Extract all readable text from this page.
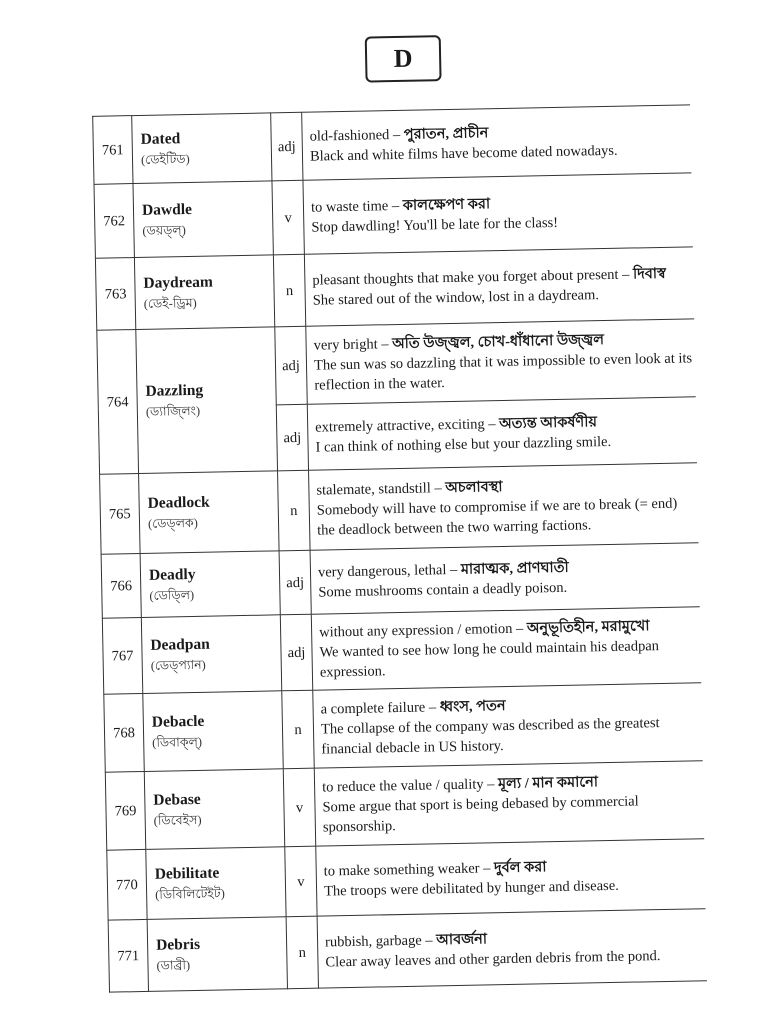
D
761	Dated
(ডেইটিড)	adj	old-fashioned – পুরাতন, প্রাচীন
Black and white films have become dated nowadays.

762	Dawdle
(ডয়ড্ল্)	v	to waste time – কালক্ষেপণ করা
Stop dawdling! You'll be late for the class!

763	Daydream
(ডেই-ড্রিম)	n	pleasant thoughts that make you forget about present – দিবাস্ব
She stared out of the window, lost in a daydream.

764	Dazzling
(ড্যাজ্লিং)	adj	very bright – অতি উজ্জ্বল, চোখ-ধাঁধানো উজ্জ্বল
The sun was so dazzling that it was impossible to even look at its reflection in the water.

		adj	extremely attractive, exciting – অত্যন্ত আকর্ষণীয়
I can think of nothing else but your dazzling smile.

765	Deadlock
(ডেড্লক)	n	stalemate, standstill – অচলাবস্থা
Somebody will have to compromise if we are to break (= end) the deadlock between the two warring factions.

766	Deadly
(ডেড্লি)	adj	very dangerous, lethal – মারাত্মক, প্রাণঘাতী
Some mushrooms contain a deadly poison.

767	Deadpan
(ডেড্প্যান)	adj	without any expression / emotion – অনুভূতিহীন, মরামুখো
We wanted to see how long he could maintain his deadpan expression.

768	Debacle
(ডিবাক্ল্)	n	a complete failure – ধ্বংস, পতন
The collapse of the company was described as the greatest financial debacle in US history.

769	Debase
(ডিবেইস)	v	to reduce the value / quality – মূল্য / মান কমানো
Some argue that sport is being debased by commercial sponsorship.

770	Debilitate
(ডিবিলিটেইট)	v	to make something weaker – দুর্বল করা
The troops were debilitated by hunger and disease.

771	Debris
(ডাব্রী)	n	rubbish, garbage – আবর্জনা
Clear away leaves and other garden debris from the pond.
